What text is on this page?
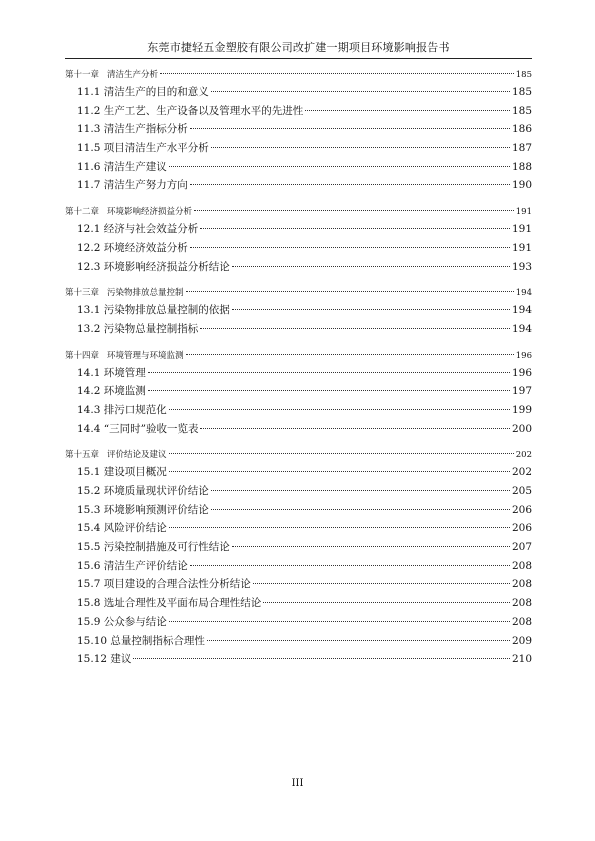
东莞市捷轻五金塑胶有限公司改扩建一期项目环境影响报告书
第十一章 清洁生产分析	185
11.1 清洁生产的目的和意义	185
11.2 生产工艺、生产设备以及管理水平的先进性	185
11.3 清洁生产指标分析	186
11.5 项目清洁生产水平分析	187
11.6 清洁生产建议	188
11.7 清洁生产努力方向	190
第十二章 环境影响经济损益分析	191
12.1 经济与社会效益分析	191
12.2 环境经济效益分析	191
12.3 环境影响经济损益分析结论	193
第十三章 污染物排放总量控制	194
13.1 污染物排放总量控制的依据	194
13.2 污染物总量控制指标	194
第十四章 环境管理与环境监测	196
14.1 环境管理	196
14.2 环境监测	197
14.3 排污口规范化	199
14.4 “三同时”验收一览表	200
第十五章 评价结论及建议	202
15.1 建设项目概况	202
15.2 环境质量现状评价结论	205
15.3 环境影响预测评价结论	206
15.4 风险评价结论	206
15.5 污染控制措施及可行性结论	207
15.6 清洁生产评价结论	208
15.7 项目建设的合理合法性分析结论	208
15.8 选址合理性及平面布局合理性结论	208
15.9 公众参与结论	208
15.10 总量控制指标合理性	209
15.12 建议	210
III
